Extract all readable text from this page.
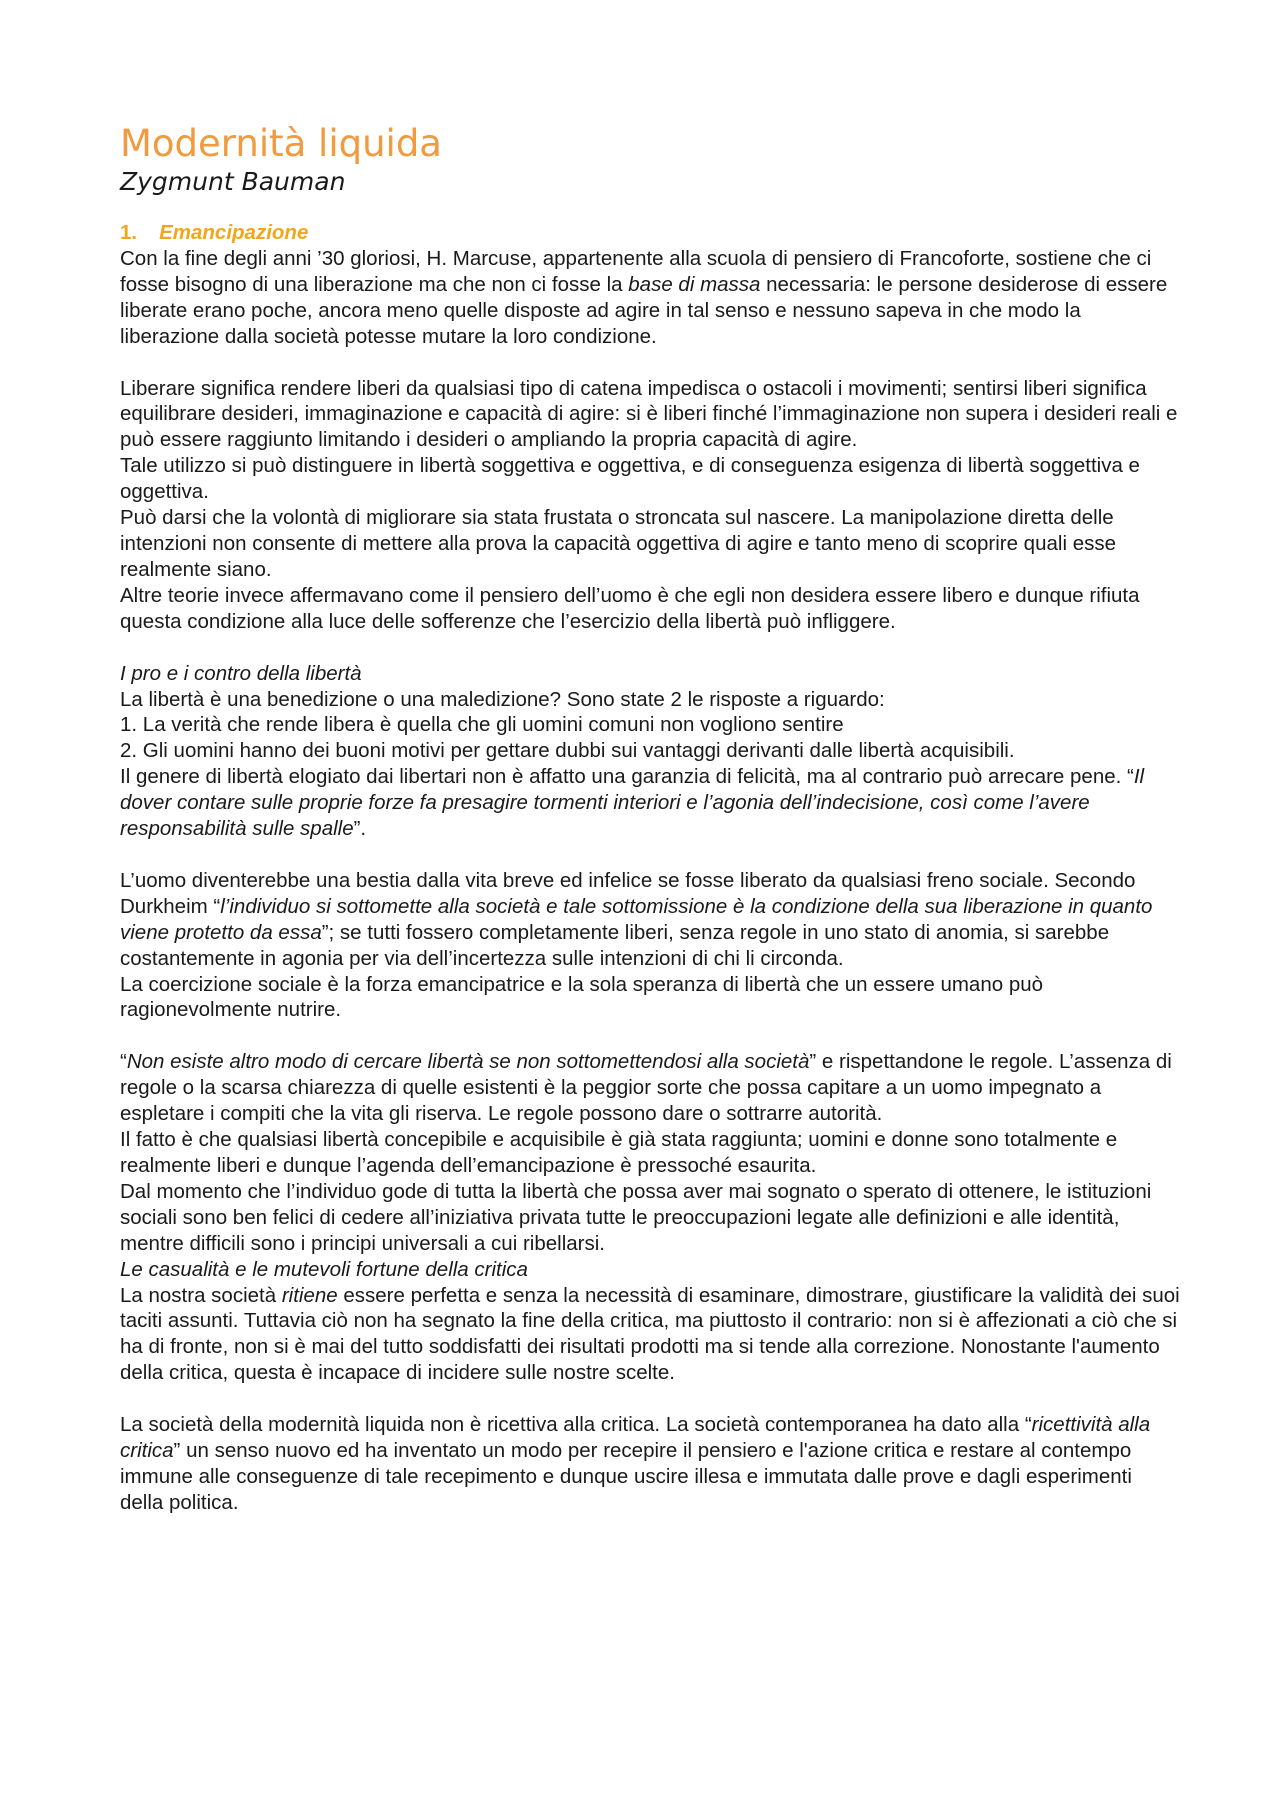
Modernità liquida
Zygmunt Bauman
1. Emancipazione

Con la fine degli anni ’30 gloriosi, H. Marcuse, appartenente alla scuola di pensiero di Francoforte, sostiene che ci fosse bisogno di una liberazione ma che non ci fosse la base di massa necessaria: le persone desiderose di essere liberate erano poche, ancora meno quelle disposte ad agire in tal senso e nessuno sapeva in che modo la liberazione dalla società potesse mutare la loro condizione.

Liberare significa rendere liberi da qualsiasi tipo di catena impedisca o ostacoli i movimenti; sentirsi liberi significa equilibrare desideri, immaginazione e capacità di agire: si è liberi finché l’immaginazione non supera i desideri reali e può essere raggiunto limitando i desideri o ampliando la propria capacità di agire.

Tale utilizzo si può distinguere in libertà soggettiva e oggettiva, e di conseguenza esigenza di libertà soggettiva e oggettiva.

Può darsi che la volontà di migliorare sia stata frustata o stroncata sul nascere. La manipolazione diretta delle intenzioni non consente di mettere alla prova la capacità oggettiva di agire e tanto meno di scoprire quali esse realmente siano.

Altre teorie invece affermavano come il pensiero dell’uomo è che egli non desidera essere libero e dunque rifiuta questa condizione alla luce delle sofferenze che l’esercizio della libertà può infliggere.

I pro e i contro della libertà

La libertà è una benedizione o una maledizione? Sono state 2 le risposte a riguardo:

1. La verità che rende libera è quella che gli uomini comuni non vogliono sentire

2. Gli uomini hanno dei buoni motivi per gettare dubbi sui vantaggi derivanti dalle libertà acquisibili.

Il genere di libertà elogiato dai libertari non è affatto una garanzia di felicità, ma al contrario può arrecare pene. “Il dover contare sulle proprie forze fa presagire tormenti interiori e l’agonia dell’indecisione, così come l’avere responsabilità sulle spalle”.

L’uomo diventerebbe una bestia dalla vita breve ed infelice se fosse liberato da qualsiasi freno sociale. Secondo Durkheim “l’individuo si sottomette alla società e tale sottomissione è la condizione della sua liberazione in quanto viene protetto da essa”; se tutti fossero completamente liberi, senza regole in uno stato di anomia, si sarebbe costantemente in agonia per via dell’incertezza sulle intenzioni di chi li circonda.

La coercizione sociale è la forza emancipatrice e la sola speranza di libertà che un essere umano può ragionevolmente nutrire.

“Non esiste altro modo di cercare libertà se non sottomettendosi alla società” e rispettandone le regole. L’assenza di regole o la scarsa chiarezza di quelle esistenti è la peggior sorte che possa capitare a un uomo impegnato a espletare i compiti che la vita gli riserva. Le regole possono dare o sottrarre autorità.

Il fatto è che qualsiasi libertà concepibile e acquisibile è già stata raggiunta; uomini e donne sono totalmente e realmente liberi e dunque l’agenda dell’emancipazione è pressoché esaurita.

Dal momento che l’individuo gode di tutta la libertà che possa aver mai sognato o sperato di ottenere, le istituzioni sociali sono ben felici di cedere all’iniziativa privata tutte le preoccupazioni legate alle definizioni e alle identità, mentre difficili sono i principi universali a cui ribellarsi.

Le casualità e le mutevoli fortune della critica

La nostra società ritiene essere perfetta e senza la necessità di esaminare, dimostrare, giustificare la validità dei suoi taciti assunti. Tuttavia ciò non ha segnato la fine della critica, ma piuttosto il contrario: non si è affezionati a ciò che si ha di fronte, non si è mai del tutto soddisfatti dei risultati prodotti ma si tende alla correzione. Nonostante l'aumento della critica, questa è incapace di incidere sulle nostre scelte.

La società della modernità liquida non è ricettiva alla critica. La società contemporanea ha dato alla “ricettività alla critica” un senso nuovo ed ha inventato un modo per recepire il pensiero e l'azione critica e restare al contempo immune alle conseguenze di tale recepimento e dunque uscire illesa e immutata dalle prove e dagli esperimenti della politica.
